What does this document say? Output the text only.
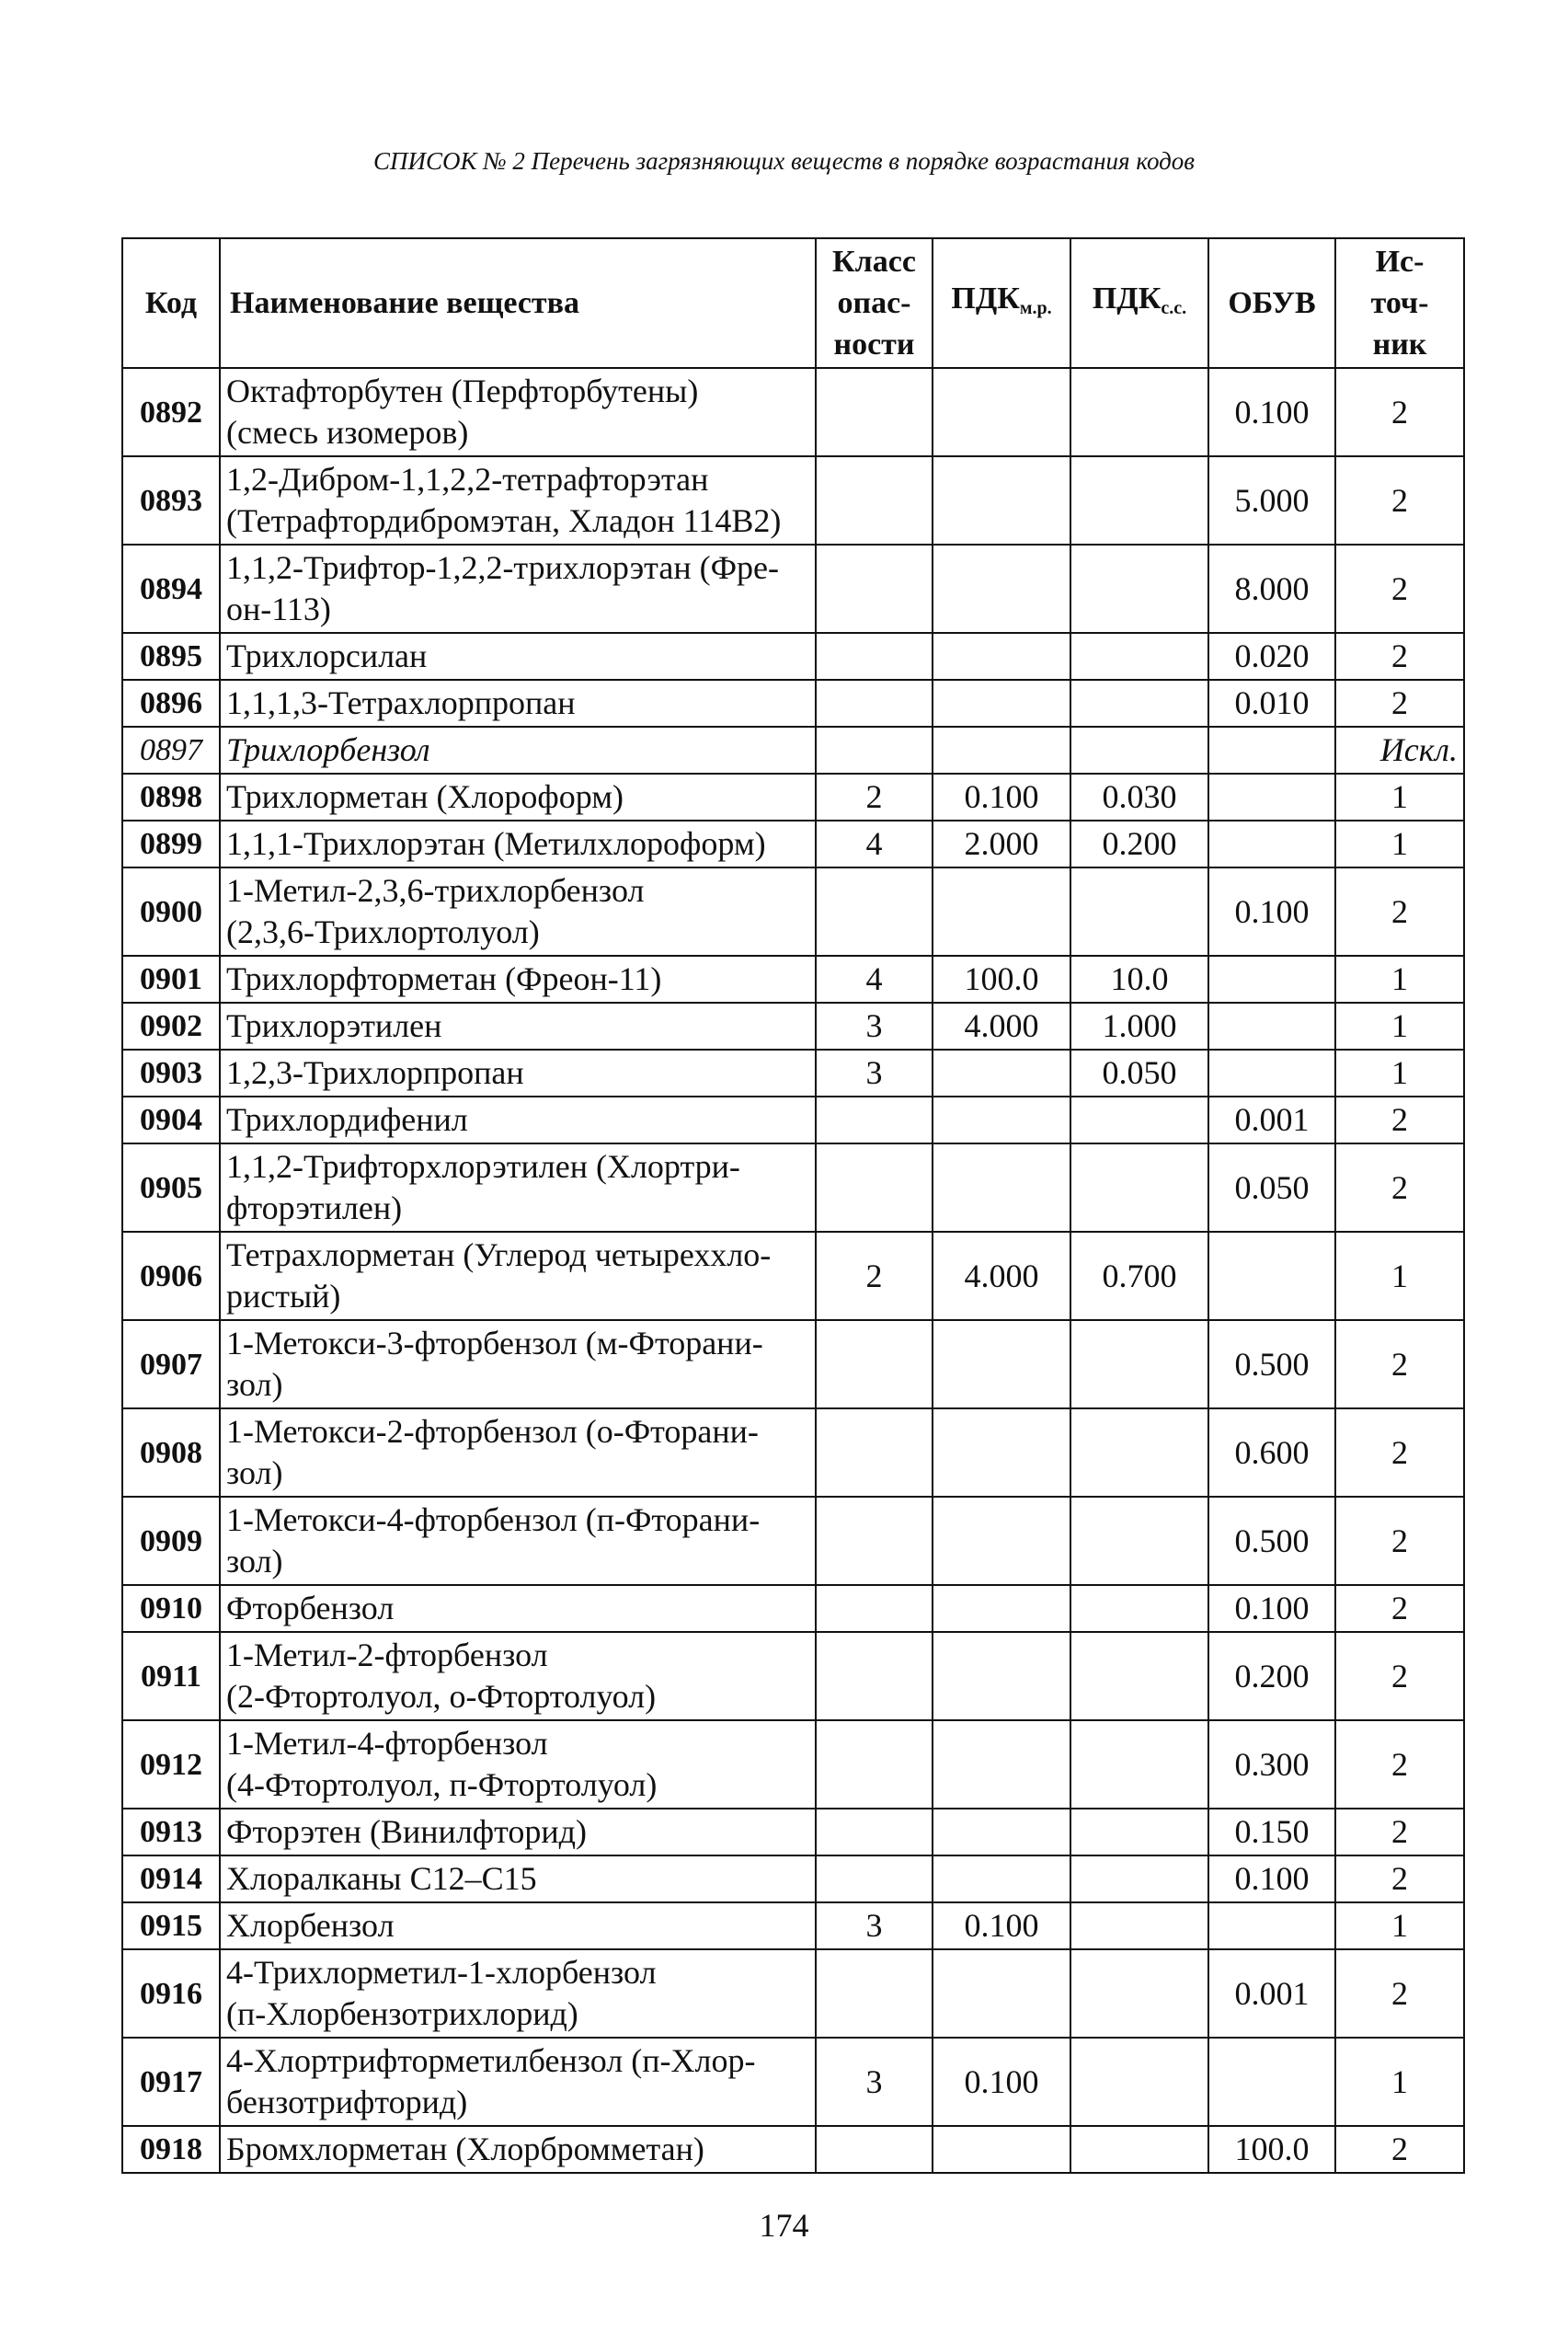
СПИСОК № 2 Перечень загрязняющих веществ в порядке возрастания кодов
Код	Наименование вещества	Класс
опас-
ности	$ПДК_{м.р.}$	$ПДК_{с.с.}$	ОБУВ	Ис-
точ-
ник
0892	Октафторбутен (Перфторбутены)
(смесь изомеров)				0.100	2
0893	1,2-Дибром-1,1,2,2-тетрафторэтан
(Тетрафтордибромэтан, Хладон 114В2)				5.000	2
0894	1,1,2-Трифтор-1,2,2-трихлорэтан (Фре-
он-113)				8.000	2
0895	Трихлорсилан				0.020	2
0896	1,1,1,3-Тетрахлорпропан				0.010	2
0897	Трихлорбензол					Искл.
0898	Трихлорметан (Хлороформ)	2	0.100	0.030		1
0899	1,1,1-Трихлорэтан (Метилхлороформ)	4	2.000	0.200		1
0900	1-Метил-2,3,6-трихлорбензол
(2,3,6-Трихлортолуол)				0.100	2
0901	Трихлорфторметан (Фреон-11)	4	100.0	10.0		1
0902	Трихлорэтилен	3	4.000	1.000		1
0903	1,2,3-Трихлорпропан	3		0.050		1
0904	Трихлордифенил				0.001	2
0905	1,1,2-Трифторхлорэтилен (Хлортри-
фторэтилен)				0.050	2
0906	Тетрахлорметан (Углерод четыреххло-
ристый)	2	4.000	0.700		1
0907	1-Метокси-3-фторбензол (м-Фторани-
зол)				0.500	2
0908	1-Метокси-2-фторбензол (о-Фторани-
зол)				0.600	2
0909	1-Метокси-4-фторбензол (п-Фторани-
зол)				0.500	2
0910	Фторбензол				0.100	2
0911	1-Метил-2-фторбензол
(2-Фтортолуол, о-Фтортолуол)				0.200	2
0912	1-Метил-4-фторбензол
(4-Фтортолуол, п-Фтортолуол)				0.300	2
0913	Фторэтен (Винилфторид)				0.150	2
0914	Хлоралканы C12–C15				0.100	2
0915	Хлорбензол	3	0.100			1
0916	4-Трихлорметил-1-хлорбензол
(п-Хлорбензотрихлорид)				0.001	2
0917	4-Хлортрифторметилбензол (п-Хлор-
бензотрифторид)	3	0.100			1
0918	Бромхлорметан (Хлорбромметан)				100.0	2
174
